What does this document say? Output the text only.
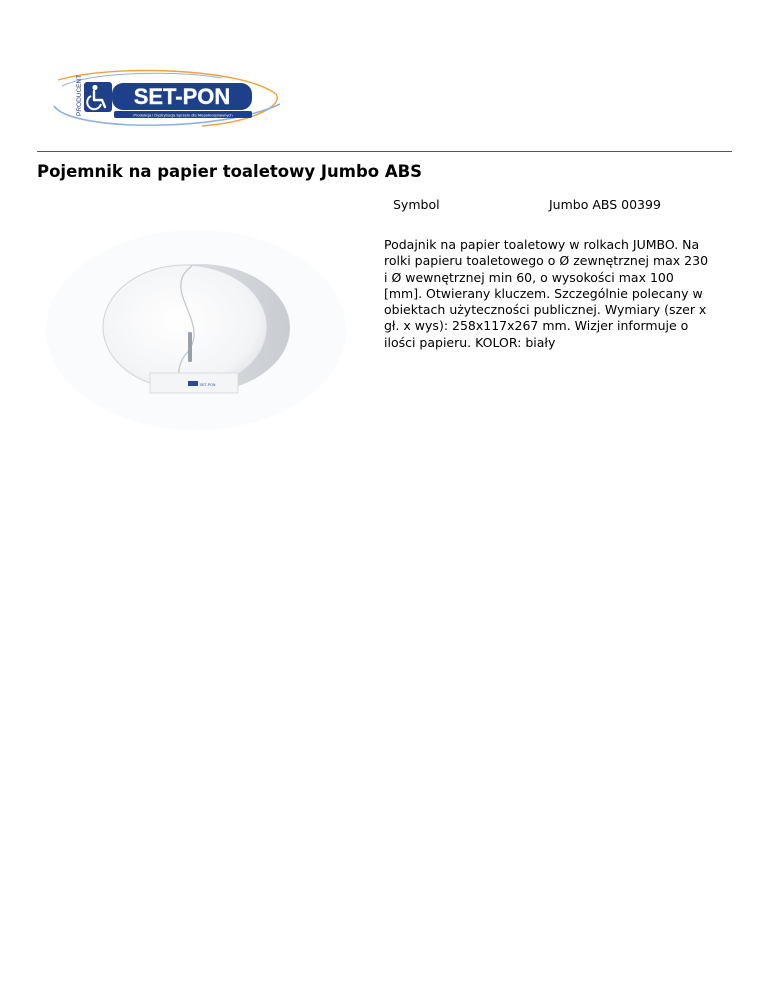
PRODUCENT SET-PON
Produkcja i Dystrybucja Sprzętu dla Niepełnosprawnych
Pojemnik na papier toaletowy Jumbo ABS
Symbol	Jumbo ABS 00399
SET-PON
Podajnik na papier toaletowy w rolkach JUMBO. Na rolki papieru toaletowego o Ø zewnętrznej max 230 i Ø wewnętrznej min 60, o wysokości max 100 [mm]. Otwierany kluczem. Szczególnie polecany w obiektach użyteczności publicznej. Wymiary (szer x gł. x wys): 258x117x267 mm. Wizjer informuje o ilości papieru. KOLOR: biały
